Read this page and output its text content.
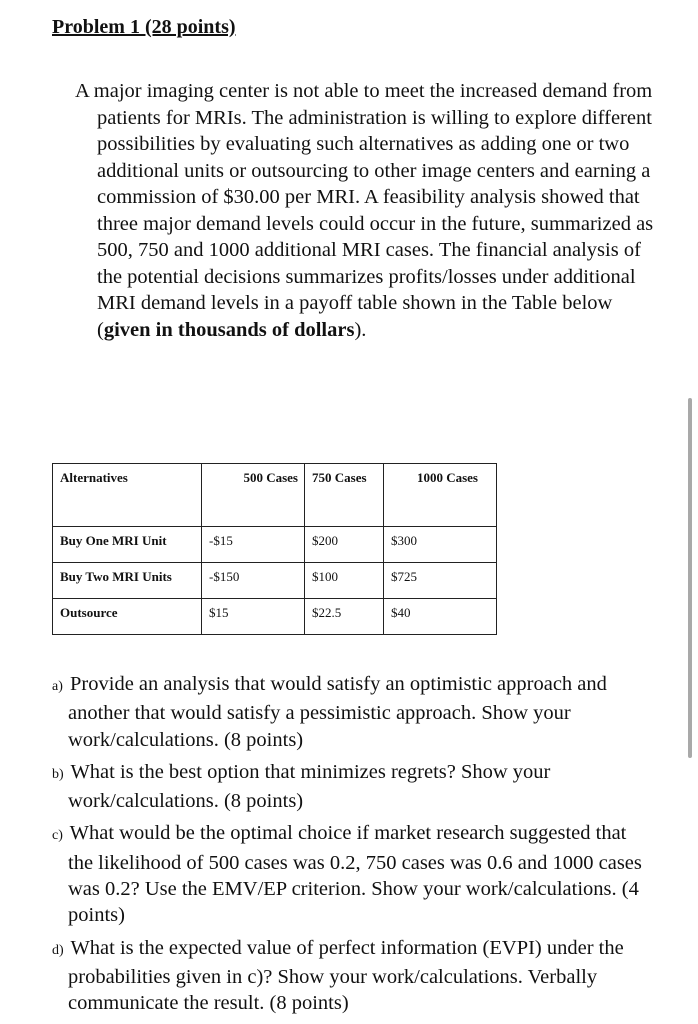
Problem 1 (28 points)

A major imaging center is not able to meet the increased demand from patients for MRIs. The administration is willing to explore different possibilities by evaluating such alternatives as adding one or two additional units or outsourcing to other image centers and earning a commission of $30.00 per MRI. A feasibility analysis showed that three major demand levels could occur in the future, summarized as 500, 750 and 1000 additional MRI cases. The financial analysis of the potential decisions summarizes profits/losses under additional MRI demand levels in a payoff table shown in the Table below (given in thousands of dollars).

Alternatives	500 Cases	750 Cases	1000 Cases
Buy One MRI Unit	-$15	$200	$300
Buy Two MRI Units	-$150	$100	$725
Outsource	$15	$22.5	$40
a) Provide an analysis that would satisfy an optimistic approach and another that would satisfy a pessimistic approach. Show your work/calculations. (8 points)
b) What is the best option that minimizes regrets? Show your work/calculations. (8 points)
c) What would be the optimal choice if market research suggested that the likelihood of 500 cases was 0.2, 750 cases was 0.6 and 1000 cases was 0.2? Use the EMV/EP criterion. Show your work/calculations. (4 points)
d) What is the expected value of perfect information (EVPI) under the probabilities given in c)? Show your work/calculations. Verbally communicate the result. (8 points)
